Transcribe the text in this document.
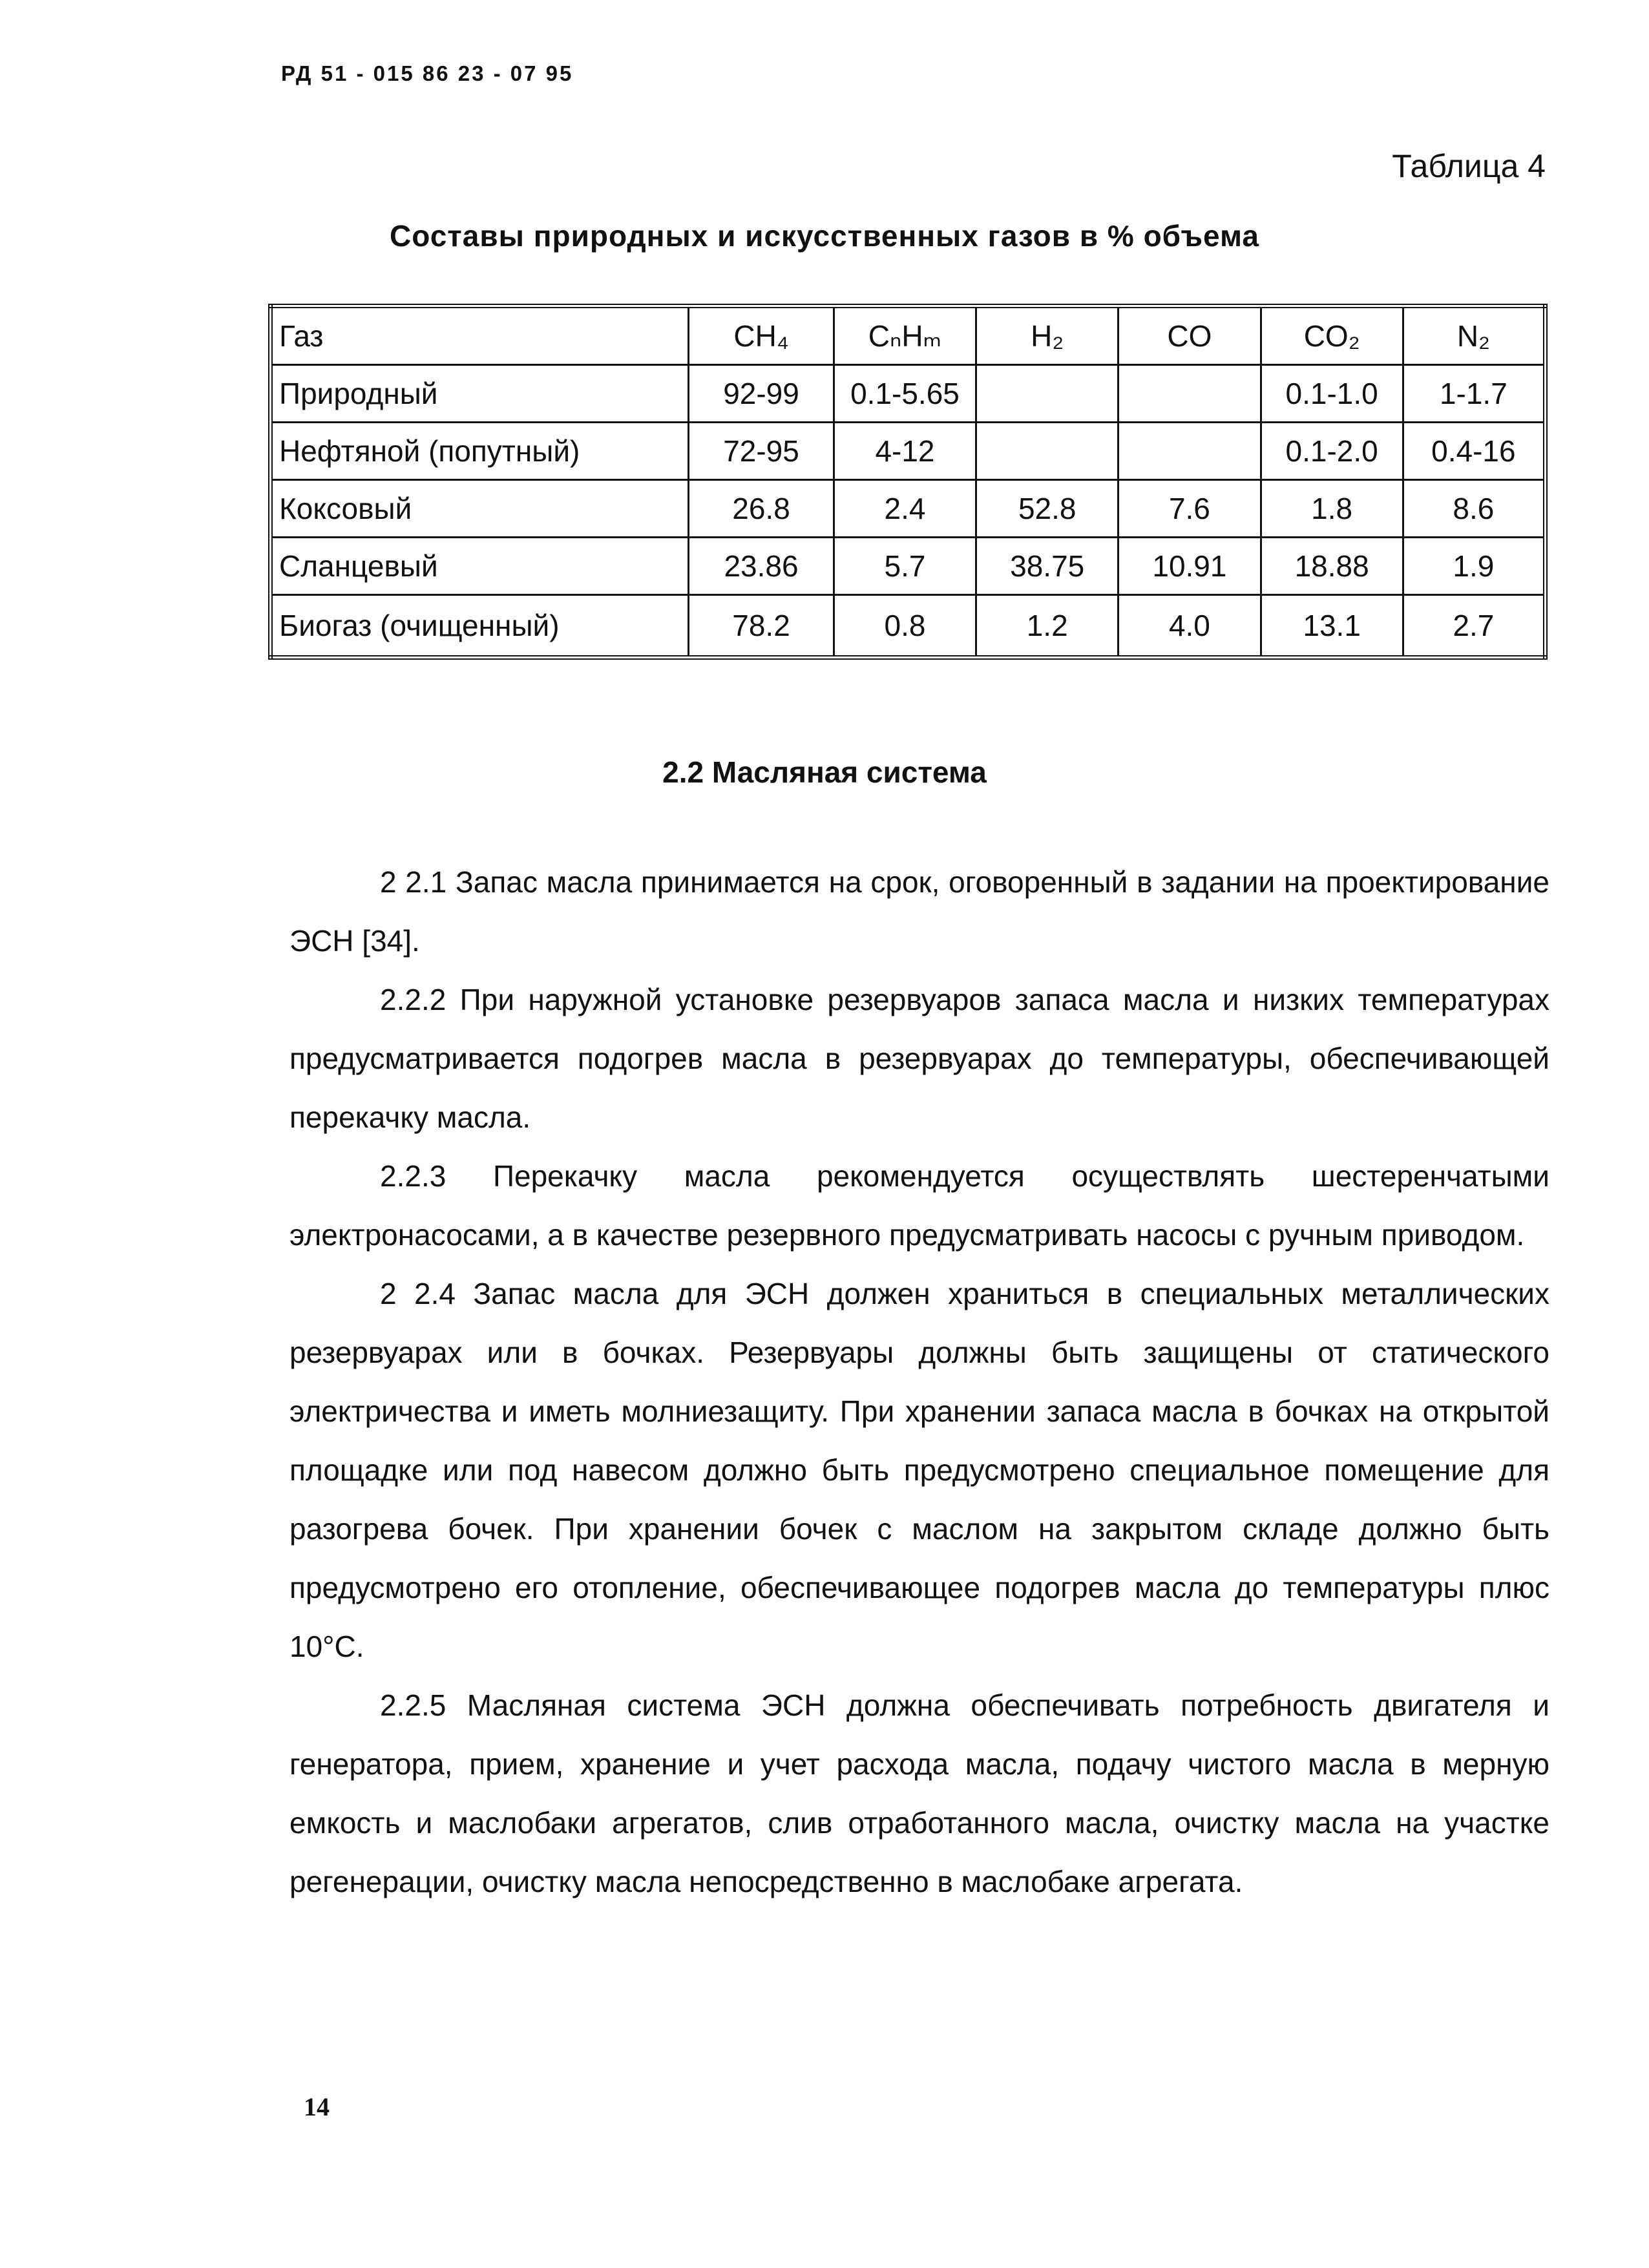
РД 51 - 015 86 23 - 07 95
Таблица 4
Составы природных и искусственных газов в % объема
Газ	CH₄	CₙHₘ	H₂	CO	CO₂	N₂
Природный	92-99	0.1-5.65			0.1-1.0	1-1.7
Нефтяной (попутный)	72-95	4-12			0.1-2.0	0.4-16
Коксовый	26.8	2.4	52.8	7.6	1.8	8.6
Сланцевый	23.86	5.7	38.75	10.91	18.88	1.9
Биогаз (очищенный)	78.2	0.8	1.2	4.0	13.1	2.7
2.2 Масляная система

2 2.1 Запас масла принимается на срок, оговоренный в задании на проектирование ЭСН [34].

2.2.2 При наружной установке резервуаров запаса масла и низких температурах предусматривается подогрев масла в резервуарах до температуры, обеспечивающей перекачку масла.

2.2.3 Перекачку масла рекомендуется осуществлять шестеренчатыми электронасосами, а в качестве резервного предусматривать насосы с ручным приводом.

2 2.4 Запас масла для ЭСН должен храниться в специальных металлических резервуарах или в бочках. Резервуары должны быть защищены от статического электричества и иметь молниезащиту. При хранении запаса масла в бочках на открытой площадке или под навесом должно быть предусмотрено специальное помещение для разогрева бочек. При хранении бочек с маслом на закрытом складе должно быть предусмотрено его отопление, обеспечивающее подогрев масла до температуры плюс 10°С.

2.2.5 Масляная система ЭСН должна обеспечивать потребность двигателя и генератора, прием, хранение и учет расхода масла, подачу чистого масла в мерную емкость и маслобаки агрегатов, слив отработанного масла, очистку масла на участке регенерации, очистку масла непосредственно в маслобаке агрегата.

14
